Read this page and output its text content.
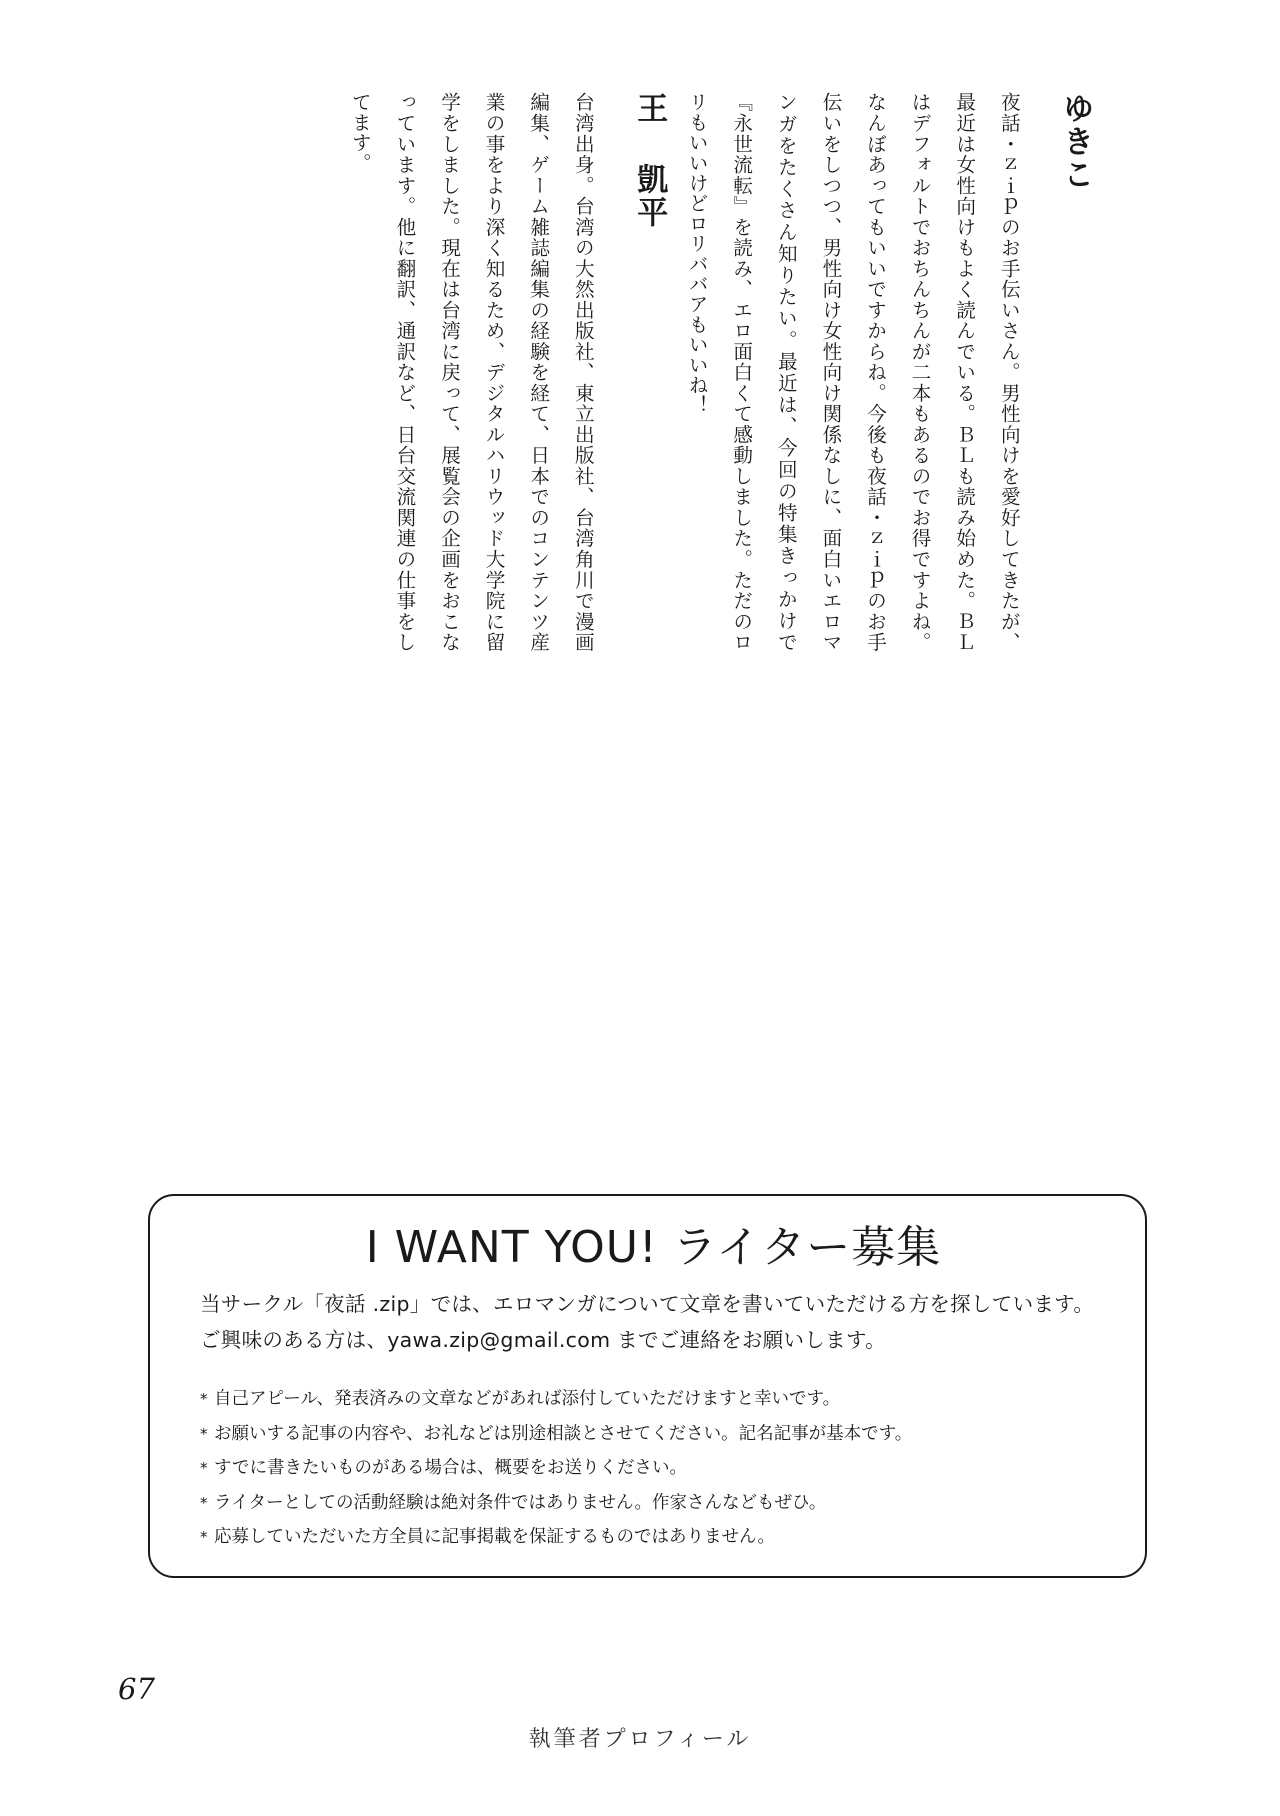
ゆきこ

夜話・ｚｉｐのお手伝いさん。男性向けを愛好してきたが、最近は女性向けもよく読んでいる。ＢＬも読み始めた。ＢＬはデフォルトでおちんちんが二本もあるのでお得ですよね。なんぼあってもいいですからね。今後も夜話・ｚｉｐのお手伝いをしつつ、男性向け女性向け関係なしに、面白いエロマンガをたくさん知りたい。最近は、今回の特集きっかけで『永世流転』を読み、エロ面白くて感動しました。ただのロリもいいけどロリババアもいいね！

王 凱平

台湾出身。台湾の大然出版社、東立出版社、台湾角川で漫画編集、ゲーム雑誌編集の経験を経て、日本でのコンテンツ産業の事をより深く知るため、デジタルハリウッド大学院に留学をしました。現在は台湾に戻って、展覧会の企画をおこなっています。他に翻訳、通訳など、日台交流関連の仕事をしてます。

I WANT YOU! ライター募集

当サークル「夜話 .zip」では、エロマンガについて文章を書いていただける方を探しています。ご興味のある方は、yawa.zip@gmail.com までご連絡をお願いします。

* 自己アピール、発表済みの文章などがあれば添付していただけますと幸いです。
* お願いする記事の内容や、お礼などは別途相談とさせてください。記名記事が基本です。
* すでに書きたいものがある場合は、概要をお送りください。
* ライターとしての活動経験は絶対条件ではありません。作家さんなどもぜひ。
* 応募していただいた方全員に記事掲載を保証するものではありません。

67

執筆者プロフィール
